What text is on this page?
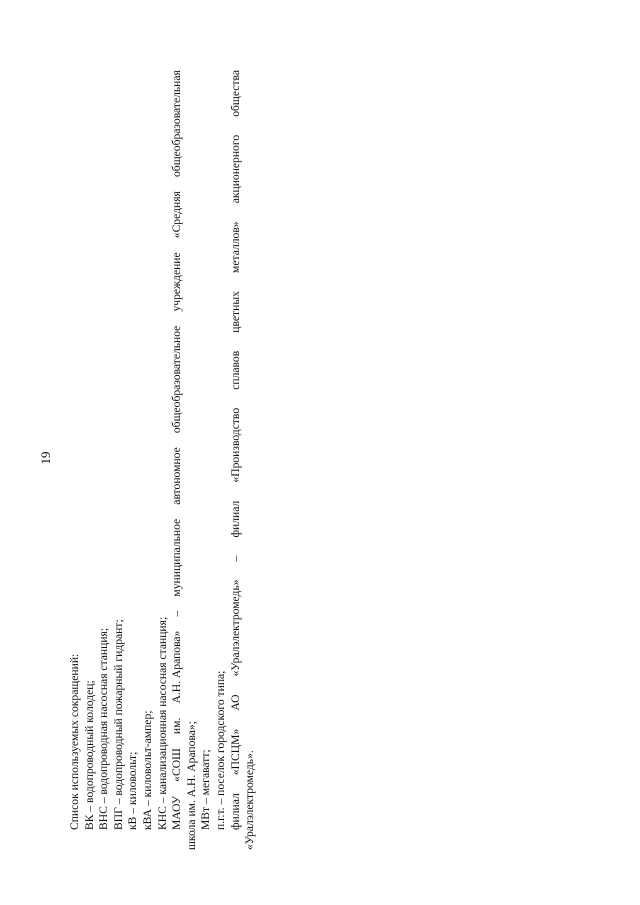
19
Список используемых сокращений: ВК – водопроводный колодец; ВНС – водопроводная насосная станция; ВПГ – водопроводный пожарный гидрант; кВ – киловольт; кВА – киловольт-ампер; КНС – канализационная насосная станция; МАОУ
«СОШ
им.
А.Н. Арапова»
–
муниципальное
автономное
общеобразовательное
учреждение
«Средняя
общеобразовательная
школа им. А.Н. Арапова»; МВт – мегаватт; п.г.т. – поселок городского типа; филиал
«ПСЦМ»
АО
«Уралэлектромедь»
–
филиал
«Производство
сплавов
цветных
металлов»
акционерного
общества
«Уралэлектромедь».
